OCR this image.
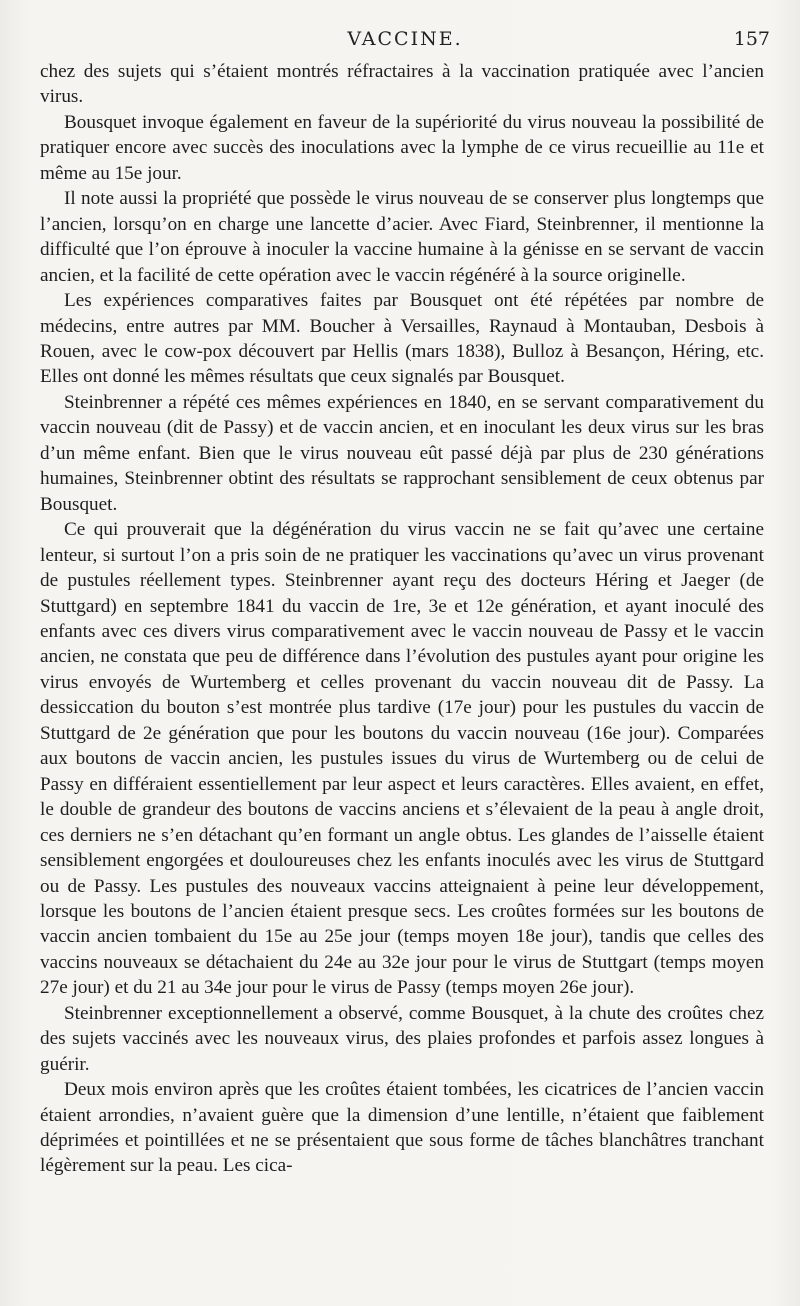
VACCINE.	157

chez des sujets qui s’étaient montrés réfractaires à la vaccination pratiquée avec l’ancien virus.

Bousquet invoque également en faveur de la supériorité du virus nouveau la possibilité de pratiquer encore avec succès des inoculations avec la lymphe de ce virus recueillie au 11e et même au 15e jour.

Il note aussi la propriété que possède le virus nouveau de se conserver plus longtemps que l’ancien, lorsqu’on en charge une lancette d’acier. Avec Fiard, Steinbrenner, il mentionne la difficulté que l’on éprouve à inoculer la vaccine humaine à la génisse en se servant de vaccin ancien, et la facilité de cette opération avec le vaccin régénéré à la source originelle.

Les expériences comparatives faites par Bousquet ont été répétées par nombre de médecins, entre autres par MM. Boucher à Versailles, Raynaud à Montauban, Desbois à Rouen, avec le cow-pox découvert par Hellis (mars 1838), Bulloz à Besançon, Héring, etc. Elles ont donné les mêmes résultats que ceux signalés par Bousquet.

Steinbrenner a répété ces mêmes expériences en 1840, en se servant comparativement du vaccin nouveau (dit de Passy) et de vaccin ancien, et en inoculant les deux virus sur les bras d’un même enfant. Bien que le virus nouveau eût passé déjà par plus de 230 générations humaines, Steinbrenner obtint des résultats se rapprochant sensiblement de ceux obtenus par Bousquet.

Ce qui prouverait que la dégénération du virus vaccin ne se fait qu’avec une certaine lenteur, si surtout l’on a pris soin de ne pratiquer les vaccinations qu’avec un virus provenant de pustules réellement types. Steinbrenner ayant reçu des docteurs Héring et Jaeger (de Stuttgard) en septembre 1841 du vaccin de 1re, 3e et 12e génération, et ayant inoculé des enfants avec ces divers virus comparativement avec le vaccin nouveau de Passy et le vaccin ancien, ne constata que peu de différence dans l’évolution des pustules ayant pour origine les virus envoyés de Wurtemberg et celles provenant du vaccin nouveau dit de Passy. La dessiccation du bouton s’est montrée plus tardive (17e jour) pour les pustules du vaccin de Stuttgard de 2e génération que pour les boutons du vaccin nouveau (16e jour). Comparées aux boutons de vaccin ancien, les pustules issues du virus de Wurtemberg ou de celui de Passy en différaient essentiellement par leur aspect et leurs caractères. Elles avaient, en effet, le double de grandeur des boutons de vaccins anciens et s’élevaient de la peau à angle droit, ces derniers ne s’en détachant qu’en formant un angle obtus. Les glandes de l’aisselle étaient sensiblement engorgées et douloureuses chez les enfants inoculés avec les virus de Stuttgard ou de Passy. Les pustules des nouveaux vaccins atteignaient à peine leur développement, lorsque les boutons de l’ancien étaient presque secs. Les croûtes formées sur les boutons de vaccin ancien tombaient du 15e au 25e jour (temps moyen 18e jour), tandis que celles des vaccins nouveaux se détachaient du 24e au 32e jour pour le virus de Stuttgart (temps moyen 27e jour) et du 21 au 34e jour pour le virus de Passy (temps moyen 26e jour).

Steinbrenner exceptionnellement a observé, comme Bousquet, à la chute des croûtes chez des sujets vaccinés avec les nouveaux virus, des plaies profondes et parfois assez longues à guérir.

Deux mois environ après que les croûtes étaient tombées, les cicatrices de l’ancien vaccin étaient arrondies, n’avaient guère que la dimension d’une lentille, n’étaient que faiblement déprimées et pointillées et ne se présentaient que sous forme de tâches blanchâtres tranchant légèrement sur la peau. Les cica-
